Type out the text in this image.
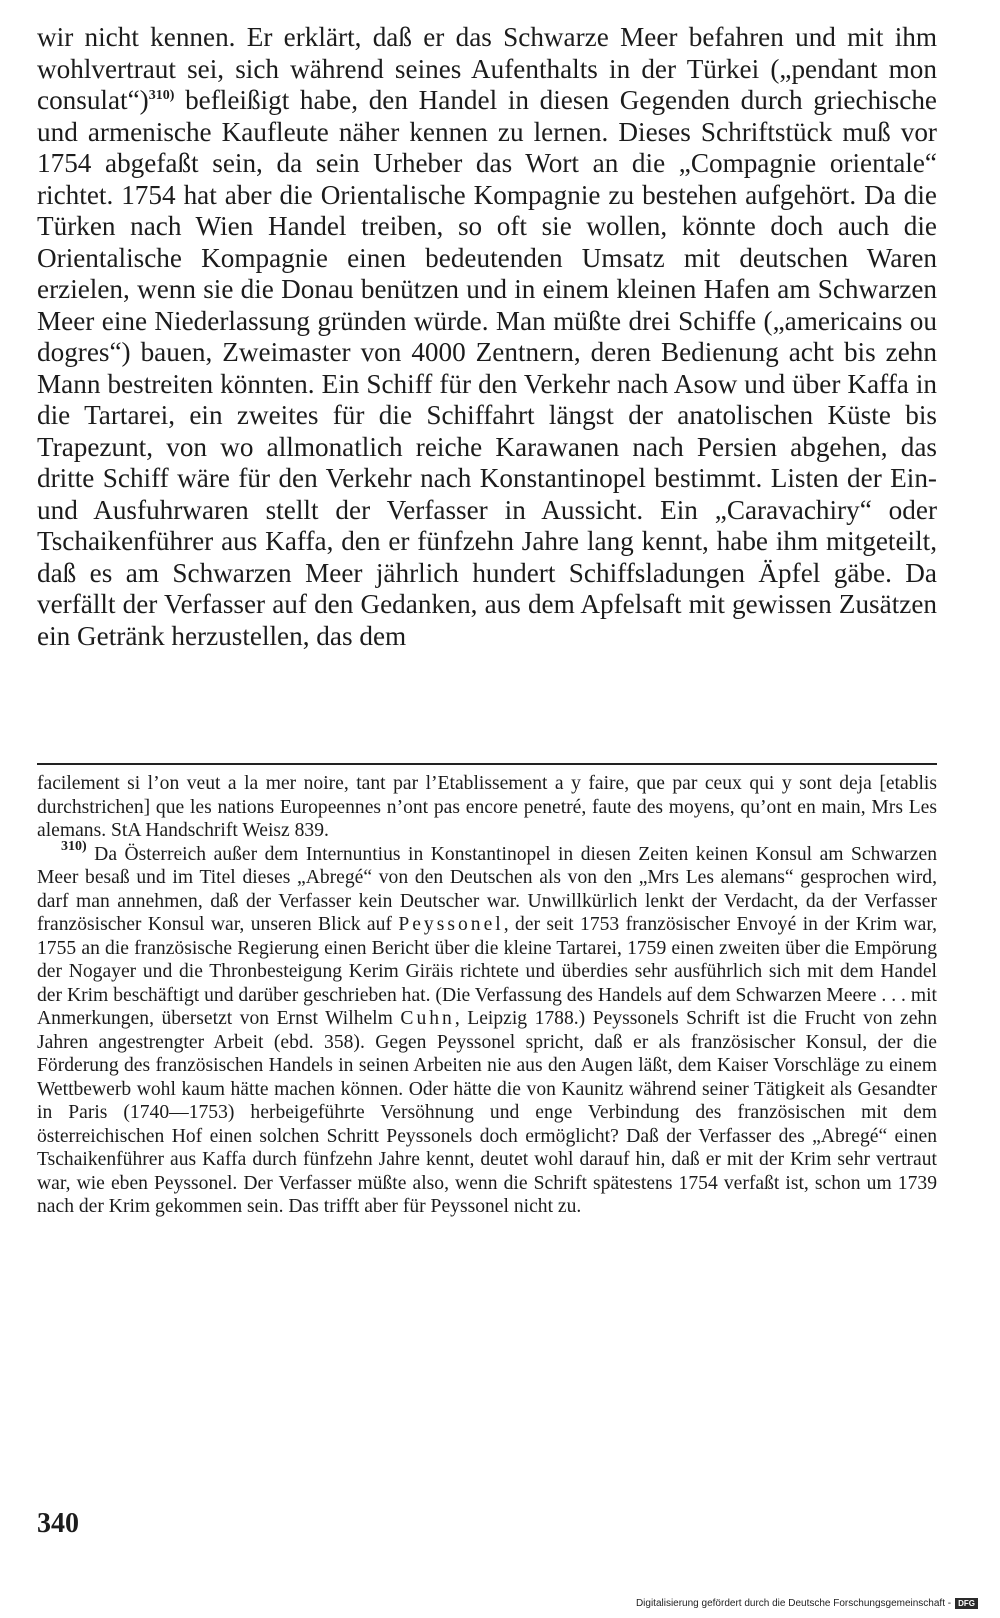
wir nicht kennen. Er erklärt, daß er das Schwarze Meer befahren und mit ihm wohlvertraut sei, sich während seines Aufenthalts in der Türkei („pendant mon consulat“)$^{310)}$ befleißigt habe, den Handel in diesen Gegenden durch griechische und armenische Kaufleute näher kennen zu lernen. Dieses Schriftstück muß vor 1754 abgefaßt sein, da sein Urheber das Wort an die „Compagnie orientale“ richtet. 1754 hat aber die Orientalische Kompagnie zu bestehen aufgehört. Da die Türken nach Wien Handel treiben, so oft sie wollen, könnte doch auch die Orientalische Kompagnie einen bedeutenden Umsatz mit deutschen Waren erzielen, wenn sie die Donau benützen und in einem kleinen Hafen am Schwarzen Meer eine Niederlassung gründen würde. Man müßte drei Schiffe („americains ou dogres“) bauen, Zweimaster von 4000 Zentnern, deren Bedienung acht bis zehn Mann bestreiten könnten. Ein Schiff für den Verkehr nach Asow und über Kaffa in die Tartarei, ein zweites für die Schiffahrt längst der anatolischen Küste bis Trapezunt, von wo allmonatlich reiche Karawanen nach Persien abgehen, das dritte Schiff wäre für den Verkehr nach Konstantinopel bestimmt. Listen der Ein- und Ausfuhrwaren stellt der Verfasser in Aussicht. Ein „Caravachiry“ oder Tschaikenführer aus Kaffa, den er fünfzehn Jahre lang kennt, habe ihm mitgeteilt, daß es am Schwarzen Meer jährlich hundert Schiffsladungen Äpfel gäbe. Da verfällt der Verfasser auf den Gedanken, aus dem Apfelsaft mit gewissen Zusätzen ein Getränk herzustellen, das dem

facilement si l’on veut a la mer noire, tant par l’Etablissement a y faire, que par ceux qui y sont deja [etablis durchstrichen] que les nations Europeennes n’ont pas encore penetré, faute des moyens, qu’ont en main, Mrs Les alemans. StA Handschrift Weisz 839.

$^{310)}$ Da Österreich außer dem Internuntius in Konstantinopel in diesen Zeiten keinen Konsul am Schwarzen Meer besaß und im Titel dieses „Abregé“ von den Deutschen als von den „Mrs Les alemans“ gesprochen wird, darf man annehmen, daß der Verfasser kein Deutscher war. Unwillkürlich lenkt der Verdacht, da der Verfasser französischer Konsul war, unseren Blick auf Peyssonel, der seit 1753 französischer Envoyé in der Krim war, 1755 an die französische Regierung einen Bericht über die kleine Tartarei, 1759 einen zweiten über die Empörung der Nogayer und die Thronbesteigung Kerim Giräis richtete und überdies sehr ausführlich sich mit dem Handel der Krim beschäftigt und darüber geschrieben hat. (Die Verfassung des Handels auf dem Schwarzen Meere . . . mit Anmerkungen, übersetzt von Ernst Wilhelm Cuhn, Leipzig 1788.) Peyssonels Schrift ist die Frucht von zehn Jahren angestrengter Arbeit (ebd. 358). Gegen Peyssonel spricht, daß er als französischer Konsul, der die Förderung des französischen Handels in seinen Arbeiten nie aus den Augen läßt, dem Kaiser Vorschläge zu einem Wettbewerb wohl kaum hätte machen können. Oder hätte die von Kaunitz während seiner Tätigkeit als Gesandter in Paris (1740—1753) herbeigeführte Versöhnung und enge Verbindung des französischen mit dem österreichischen Hof einen solchen Schritt Peyssonels doch ermöglicht? Daß der Verfasser des „Abregé“ einen Tschaikenführer aus Kaffa durch fünfzehn Jahre kennt, deutet wohl darauf hin, daß er mit der Krim sehr vertraut war, wie eben Peyssonel. Der Verfasser müßte also, wenn die Schrift spätestens 1754 verfaßt ist, schon um 1739 nach der Krim gekommen sein. Das trifft aber für Peyssonel nicht zu.

340
Digitalisierung gefördert durch die Deutsche Forschungsgemeinschaft - DFG
